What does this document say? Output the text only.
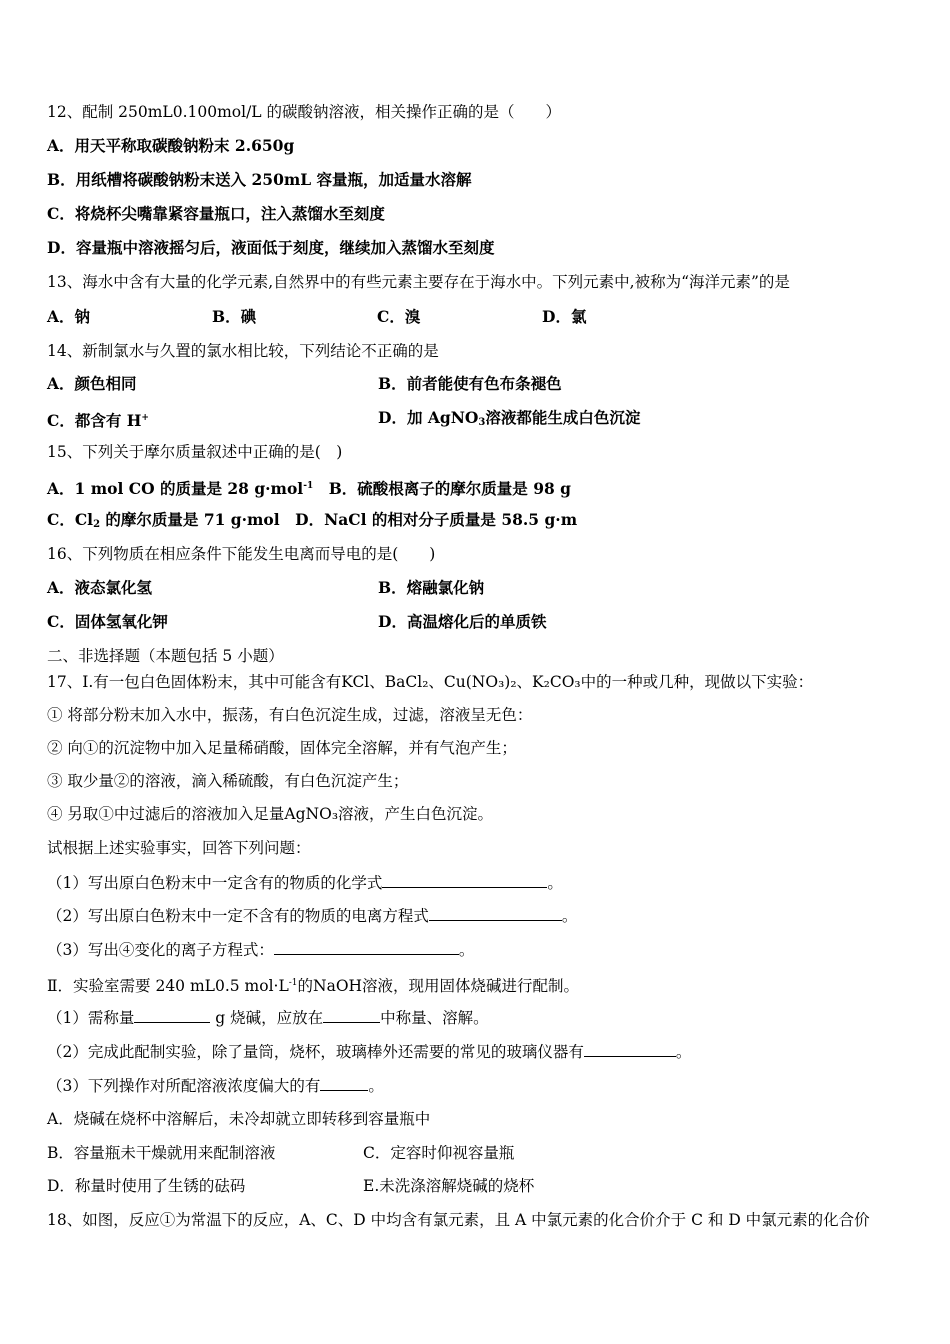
12、配制 250mL0.100mol/L 的碳酸钠溶液，相关操作正确的是（　　）
A．用天平称取碳酸钠粉末 2.650g
B．用纸槽将碳酸钠粉末送入 250mL 容量瓶，加适量水溶解
C．将烧杯尖嘴靠紧容量瓶口，注入蒸馏水至刻度
D．容量瓶中溶液摇匀后，液面低于刻度，继续加入蒸馏水至刻度
13、海水中含有大量的化学元素,自然界中的有些元素主要存在于海水中。下列元素中,被称为“海洋元素”的是
A．钠	B．碘	C．溴	D．氯
14、新制氯水与久置的氯水相比较，下列结论不正确的是
A．颜色相同	B．前者能使有色布条褪色
C．都含有 H+	D．加 AgNO$_3$溶液都能生成白色沉淀
15、下列关于摩尔质量叙述中正确的是(　)
A．1 mol CO 的质量是 28 g·mol$^{-1}$　B．硫酸根离子的摩尔质量是 98 g
C．$Cl_2$ 的摩尔质量是 71 g·mol　D．NaCl 的相对分子质量是 58.5 g·m
16、下列物质在相应条件下能发生电离而导电的是(　　)
A．液态氯化氢	B．熔融氯化钠
C．固体氢氧化钾	D．高温熔化后的单质铁
二、非选择题（本题包括 5 小题）
17、Ⅰ.有一包白色固体粉末，其中可能含有KCl、BaCl₂、Cu(NO₃)₂、K₂CO₃中的一种或几种，现做以下实验：
① 将部分粉末加入水中，振荡，有白色沉淀生成，过滤，溶液呈无色：
② 向①的沉淀物中加入足量稀硝酸，固体完全溶解，并有气泡产生；
③ 取少量②的溶液，滴入稀硫酸，有白色沉淀产生；
④ 另取①中过滤后的溶液加入足量AgNO₃溶液，产生白色沉淀。
试根据上述实验事实，回答下列问题：
（1）写出原白色粉末中一定含有的物质的化学式	。
（2）写出原白色粉末中一定不含有的物质的电离方程式	。
（3）写出④变化的离子方程式：	。
Ⅱ．实验室需要 240 mL0.5 $mol\cdot L^{-1}$的NaOH溶液，现用固体烧碱进行配制。
（1）需称量	g 烧碱，应放在	中称量、溶解。
（2）完成此配制实验，除了量筒，烧杯，玻璃棒外还需要的常见的玻璃仪器有	。
（3）下列操作对所配溶液浓度偏大的有	。
A．烧碱在烧杯中溶解后，未冷却就立即转移到容量瓶中
B．容量瓶未干燥就用来配制溶液	C．定容时仰视容量瓶
D．称量时使用了生锈的砝码	E.未洗涤溶解烧碱的烧杯
18、如图，反应①为常温下的反应，A、C、D 中均含有氯元素，且 A 中氯元素的化合价介于 C 和 D 中氯元素的化合价
